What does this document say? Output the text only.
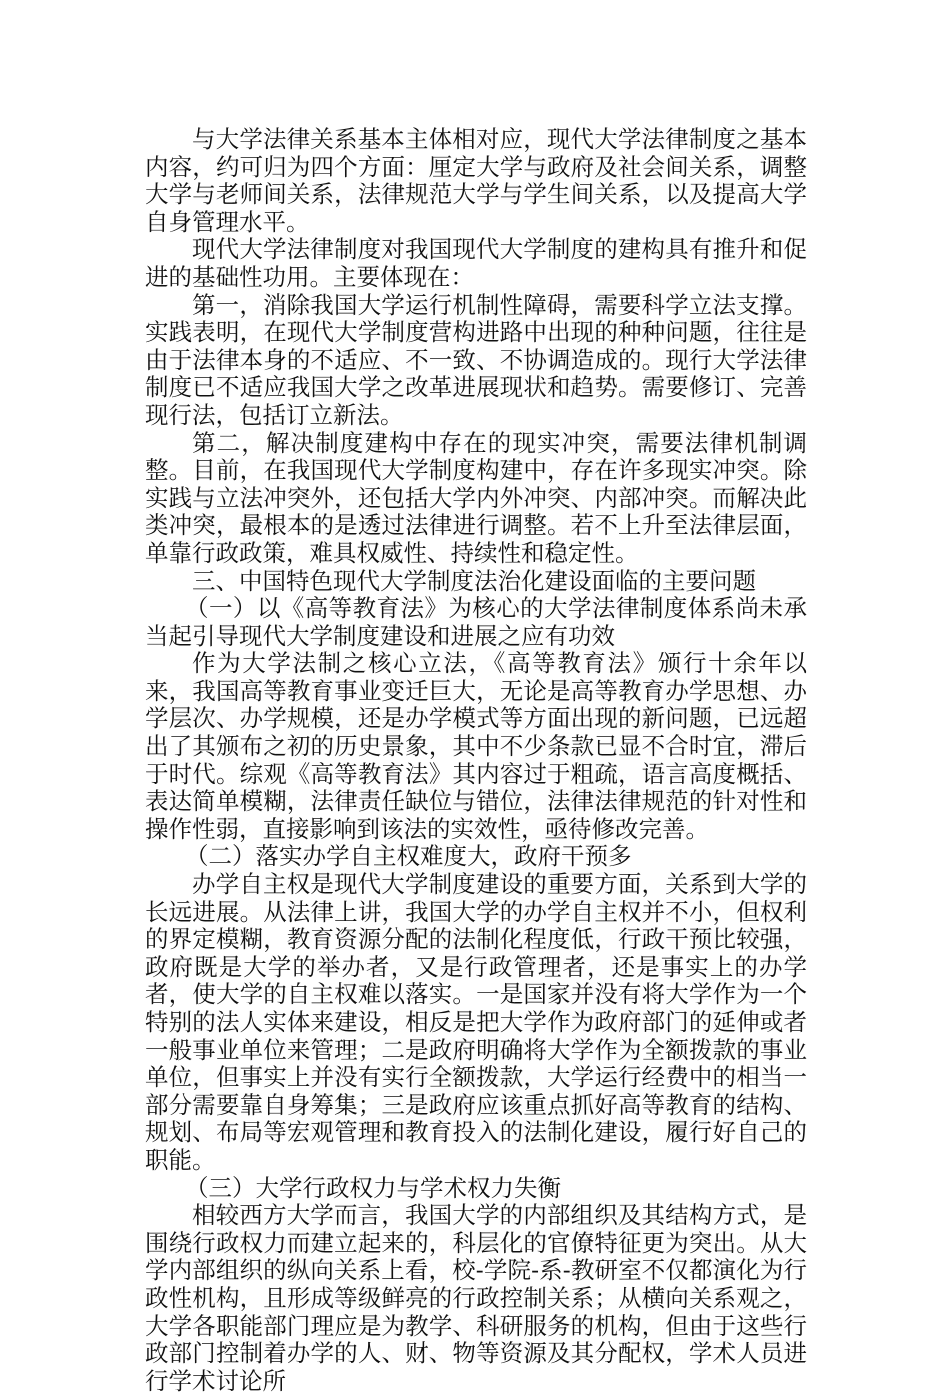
与大学法律关系基本主体相对应，现代大学法律制度之基本内容，约可归为四个方面：厘定大学与政府及社会间关系，调整大学与老师间关系，法律规范大学与学生间关系，以及提高大学自身管理水平。

现代大学法律制度对我国现代大学制度的建构具有推升和促进的基础性功用。主要体现在：

第一，消除我国大学运行机制性障碍，需要科学立法支撑。实践表明，在现代大学制度营构进路中出现的种种问题，往往是由于法律本身的不适应、不一致、不协调造成的。现行大学法律制度已不适应我国大学之改革进展现状和趋势。需要修订、完善现行法，包括订立新法。

第二，解决制度建构中存在的现实冲突，需要法律机制调整。目前，在我国现代大学制度构建中，存在许多现实冲突。除实践与立法冲突外，还包括大学内外冲突、内部冲突。而解决此类冲突，最根本的是透过法律进行调整。若不上升至法律层面，单靠行政政策，难具权威性、持续性和稳定性。

三、中国特色现代大学制度法治化建设面临的主要问题

（一）以《高等教育法》为核心的大学法律制度体系尚未承当起引导现代大学制度建设和进展之应有功效

作为大学法制之核心立法，《高等教育法》颁行十余年以来，我国高等教育事业变迁巨大，无论是高等教育办学思想、办学层次、办学规模，还是办学模式等方面出现的新问题，已远超出了其颁布之初的历史景象，其中不少条款已显不合时宜，滞后于时代。综观《高等教育法》其内容过于粗疏，语言高度概括、表达简单模糊，法律责任缺位与错位，法律法律规范的针对性和操作性弱，直接影响到该法的实效性，亟待修改完善。

（二）落实办学自主权难度大，政府干预多

办学自主权是现代大学制度建设的重要方面，关系到大学的长远进展。从法律上讲，我国大学的办学自主权并不小，但权利的界定模糊，教育资源分配的法制化程度低，行政干预比较强，政府既是大学的举办者，又是行政管理者，还是事实上的办学者，使大学的自主权难以落实。一是国家并没有将大学作为一个特别的法人实体来建设，相反是把大学作为政府部门的延伸或者一般事业单位来管理；二是政府明确将大学作为全额拨款的事业单位，但事实上并没有实行全额拨款，大学运行经费中的相当一部分需要靠自身筹集；三是政府应该重点抓好高等教育的结构、规划、布局等宏观管理和教育投入的法制化建设，履行好自己的职能。

（三）大学行政权力与学术权力失衡

相较西方大学而言，我国大学的内部组织及其结构方式，是围绕行政权力而建立起来的，科层化的官僚特征更为突出。从大学内部组织的纵向关系上看，校-学院-系-教研室不仅都演化为行政性机构，且形成等级鲜亮的行政控制关系；从横向关系观之，大学各职能部门理应是为教学、科研服务的机构，但由于这些行政部门控制着办学的人、财、物等资源及其分配权，学术人员进行学术讨论所
